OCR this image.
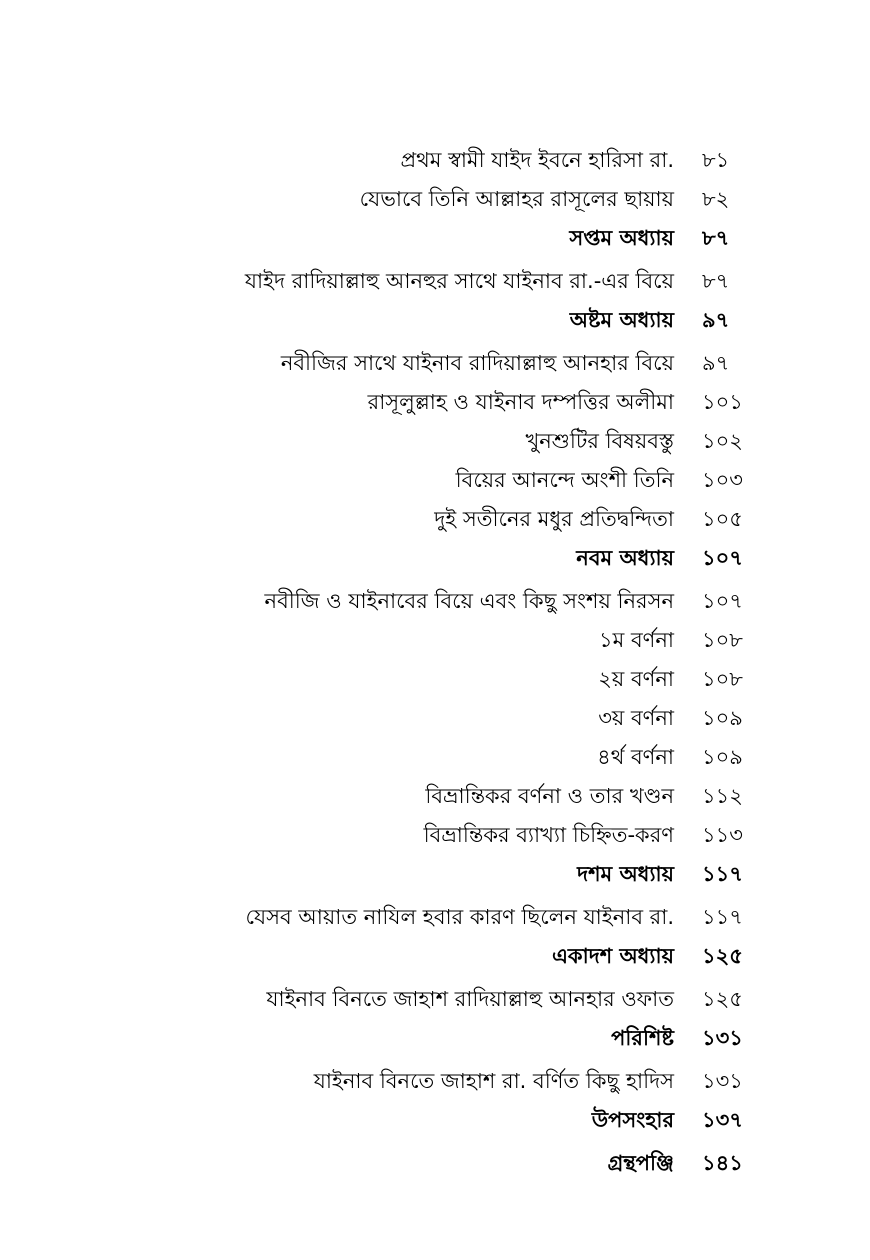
প্রথম স্বামী যাইদ ইবনে হারিসা রা. ৮১
যেভাবে তিনি আল্লাহর রাসূলের ছায়ায় ৮২
সপ্তম অধ্যায় ৮৭
যাইদ রাদিয়াল্লাহু আনহুর সাথে যাইনাব রা.-এর বিয়ে ৮৭
অষ্টম অধ্যায় ৯৭
নবীজির সাথে যাইনাব রাদিয়াল্লাহু আনহার বিয়ে ৯৭
রাসূলুল্লাহ ও যাইনাব দম্পত্তির অলীমা ১০১
খুনশুটির বিষয়বস্তু ১০২
বিয়ের আনন্দে অংশী তিনি ১০৩
দুই সতীনের মধুর প্রতিদ্বন্দিতা ১০৫
নবম অধ্যায় ১০৭
নবীজি ও যাইনাবের বিয়ে এবং কিছু সংশয় নিরসন ১০৭
১ম বর্ণনা ১০৮
২য় বর্ণনা ১০৮
৩য় বর্ণনা ১০৯
৪র্থ বর্ণনা ১০৯
বিভ্রান্তিকর বর্ণনা ও তার খণ্ডন ১১২
বিভ্রান্তিকর ব্যাখ্যা চিহ্নিত-করণ ১১৩
দশম অধ্যায় ১১৭
যেসব আয়াত নাযিল হবার কারণ ছিলেন যাইনাব রা. ১১৭
একাদশ অধ্যায় ১২৫
যাইনাব বিনতে জাহাশ রাদিয়াল্লাহু আনহার ওফাত ১২৫
পরিশিষ্ট ১৩১
যাইনাব বিনতে জাহাশ রা. বর্ণিত কিছু হাদিস ১৩১
উপসংহার ১৩৭
গ্রন্থপঞ্জি ১৪১
